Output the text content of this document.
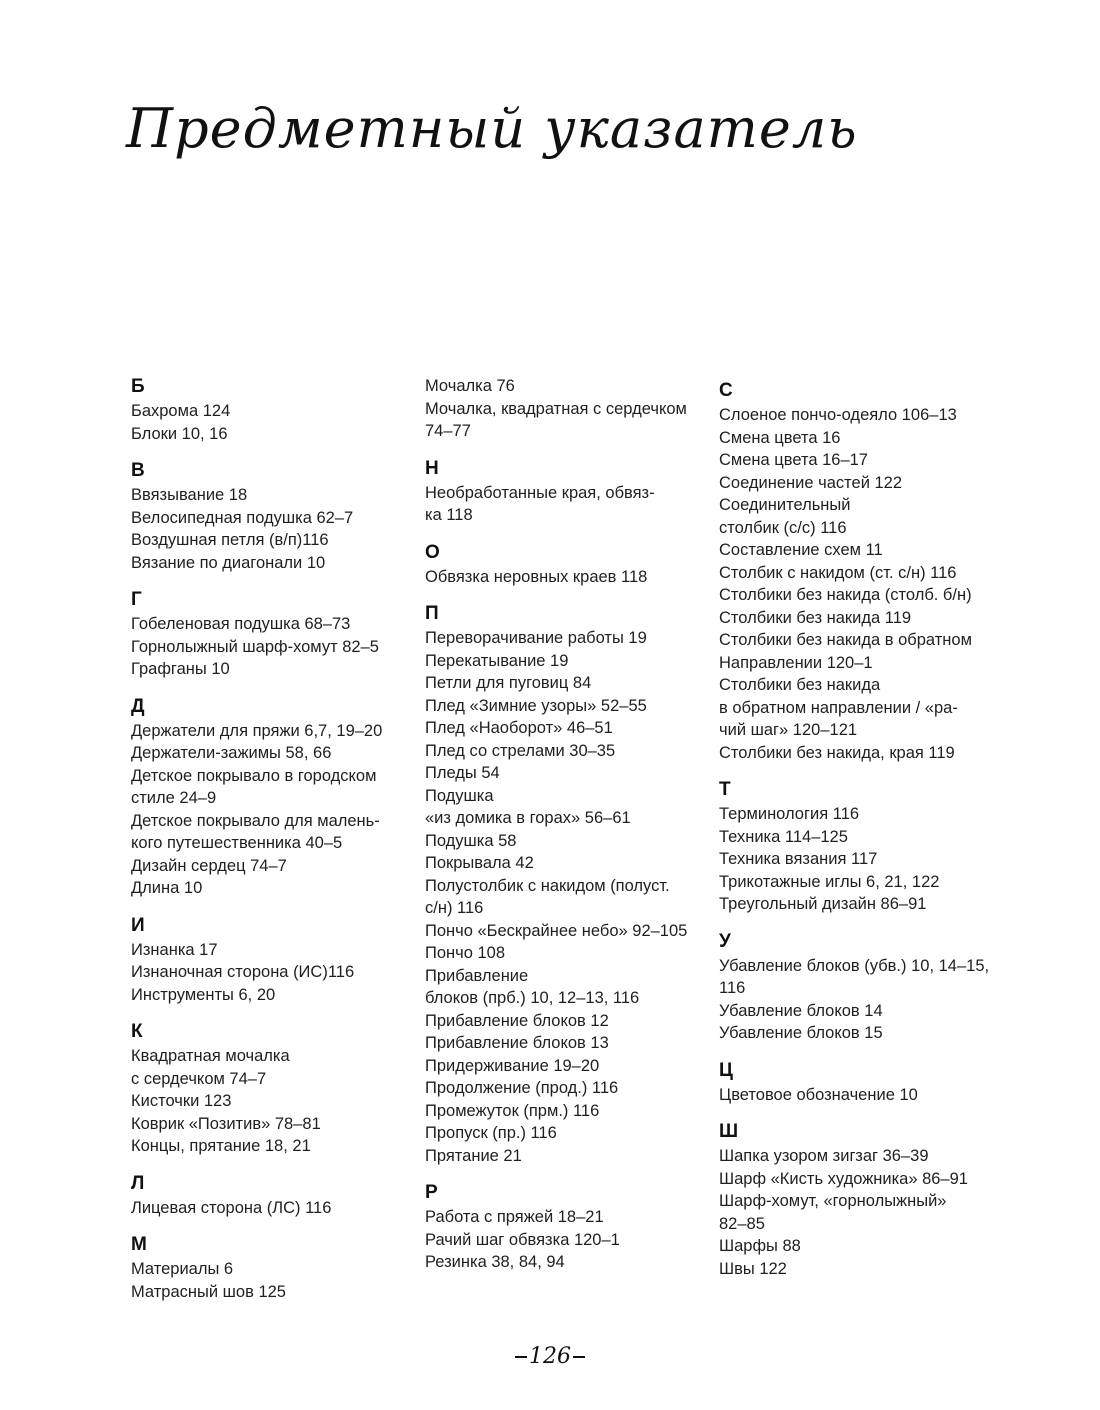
Предметный указатель
Б
Бахрома 124
Блоки 10, 16
В
Ввязывание 18
Велосипедная подушка 62–7
Воздушная петля (в/п)116
Вязание по диагонали 10
Г
Гобеленовая подушка 68–73
Горнолыжный шарф-хомут 82–5
Графганы 10
Д
Держатели для пряжи 6,7, 19–20
Держатели-зажимы 58, 66
Детское покрывало в городском
стиле 24–9
Детское покрывало для малень-
кого путешественника 40–5
Дизайн сердец 74–7
Длина 10
И
Изнанка 17
Изнаночная сторона (ИС)116
Инструменты 6, 20
К
Квадратная мочалка
с сердечком 74–7
Кисточки 123
Коврик «Позитив» 78–81
Концы, прятание 18, 21
Л
Лицевая сторона (ЛС) 116
М
Материалы 6
Матрасный шов 125
Мочалка 76
Мочалка, квадратная с сердечком
74–77
Н
Необработанные края, обвяз-
ка 118
О
Обвязка неровных краев 118
П
Переворачивание работы 19
Перекатывание 19
Петли для пуговиц 84
Плед «Зимние узоры» 52–55
Плед «Наоборот» 46–51
Плед со стрелами 30–35
Пледы 54
Подушка
«из домика в горах» 56–61
Подушка 58
Покрывала 42
Полустолбик с накидом (полуст.
с/н) 116
Пончо «Бескрайнее небо» 92–105
Пончо 108
Прибавление
блоков (прб.) 10, 12–13, 116
Прибавление блоков 12
Прибавление блоков 13
Придерживание 19–20
Продолжение (прод.) 116
Промежуток (прм.) 116
Пропуск (пр.) 116
Прятание 21
Р
Работа с пряжей 18–21
Рачий шаг обвязка 120–1
Резинка 38, 84, 94
С
Слоеное пончо-одеяло 106–13
Смена цвета 16
Смена цвета 16–17
Соединение частей 122
Соединительный
столбик (с/с) 116
Составление схем 11
Столбик с накидом (ст. с/н) 116
Столбики без накида (столб. б/н)
Столбики без накида 119
Столбики без накида в обратном
Направлении 120–1
Столбики без накида
в обратном направлении / «ра-
чий шаг» 120–121
Столбики без накида, края 119
Т
Терминология 116
Техника 114–125
Техника вязания 117
Трикотажные иглы 6, 21, 122
Треугольный дизайн 86–91
У
Убавление блоков (убв.) 10, 14–15,
116
Убавление блоков 14
Убавление блоков 15
Ц
Цветовое обозначение 10
Ш
Шапка узором зигзаг 36–39
Шарф «Кисть художника» 86–91
Шарф-хомут, «горнолыжный»
82–85
Шарфы 88
Швы 122
126
